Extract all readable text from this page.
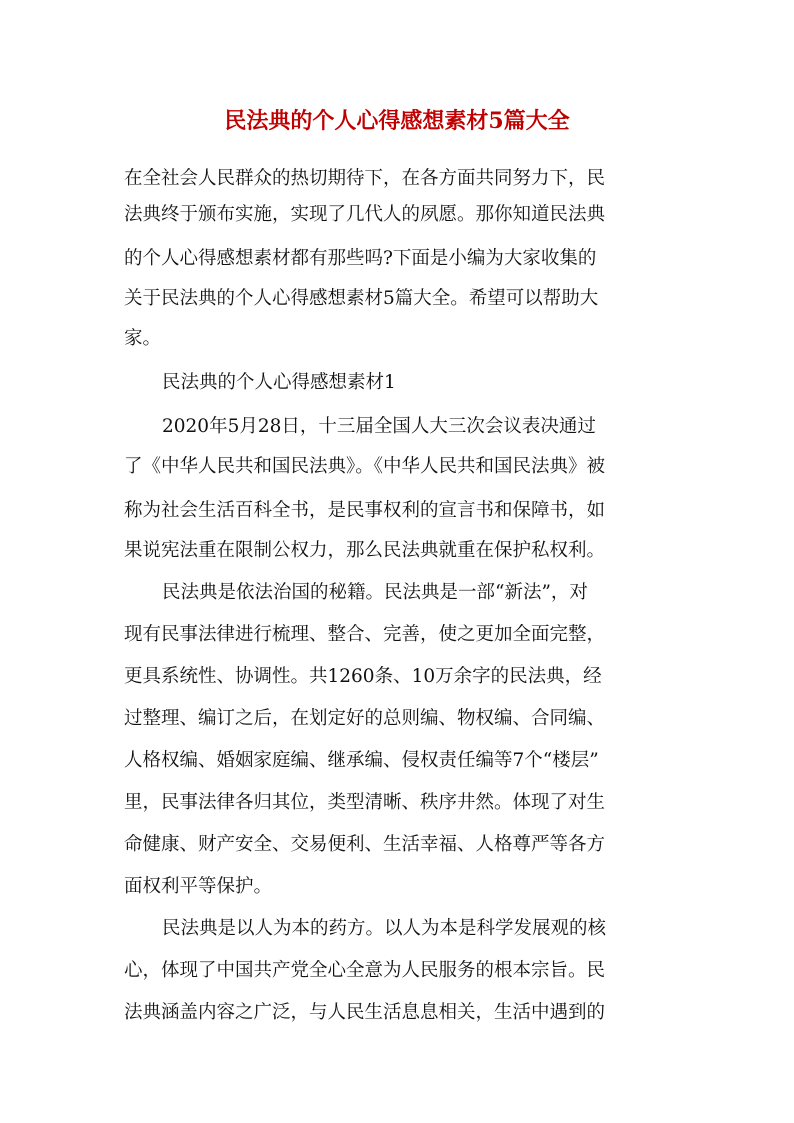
民法典的个人心得感想素材5篇大全
在全社会人民群众的热切期待下，在各方面共同努力下，民
法典终于颁布实施，实现了几代人的夙愿。那你知道民法典
的个人心得感想素材都有那些吗?下面是小编为大家收集的
关于民法典的个人心得感想素材5篇大全。希望可以帮助大
家。
民法典的个人心得感想素材1
2020年5月28日，十三届全国人大三次会议表决通过
了《中华人民共和国民法典》。《中华人民共和国民法典》被
称为社会生活百科全书，是民事权利的宣言书和保障书，如
果说宪法重在限制公权力，那么民法典就重在保护私权利。
民法典是依法治国的秘籍。民法典是一部“新法”，对
现有民事法律进行梳理、整合、完善，使之更加全面完整，
更具系统性、协调性。共1260条、10万余字的民法典，经
过整理、编订之后，在划定好的总则编、物权编、合同编、
人格权编、婚姻家庭编、继承编、侵权责任编等7个“楼层”
里，民事法律各归其位，类型清晰、秩序井然。体现了对生
命健康、财产安全、交易便利、生活幸福、人格尊严等各方
面权利平等保护。
民法典是以人为本的药方。以人为本是科学发展观的核
心，体现了中国共产党全心全意为人民服务的根本宗旨。民
法典涵盖内容之广泛，与人民生活息息相关，生活中遇到的
